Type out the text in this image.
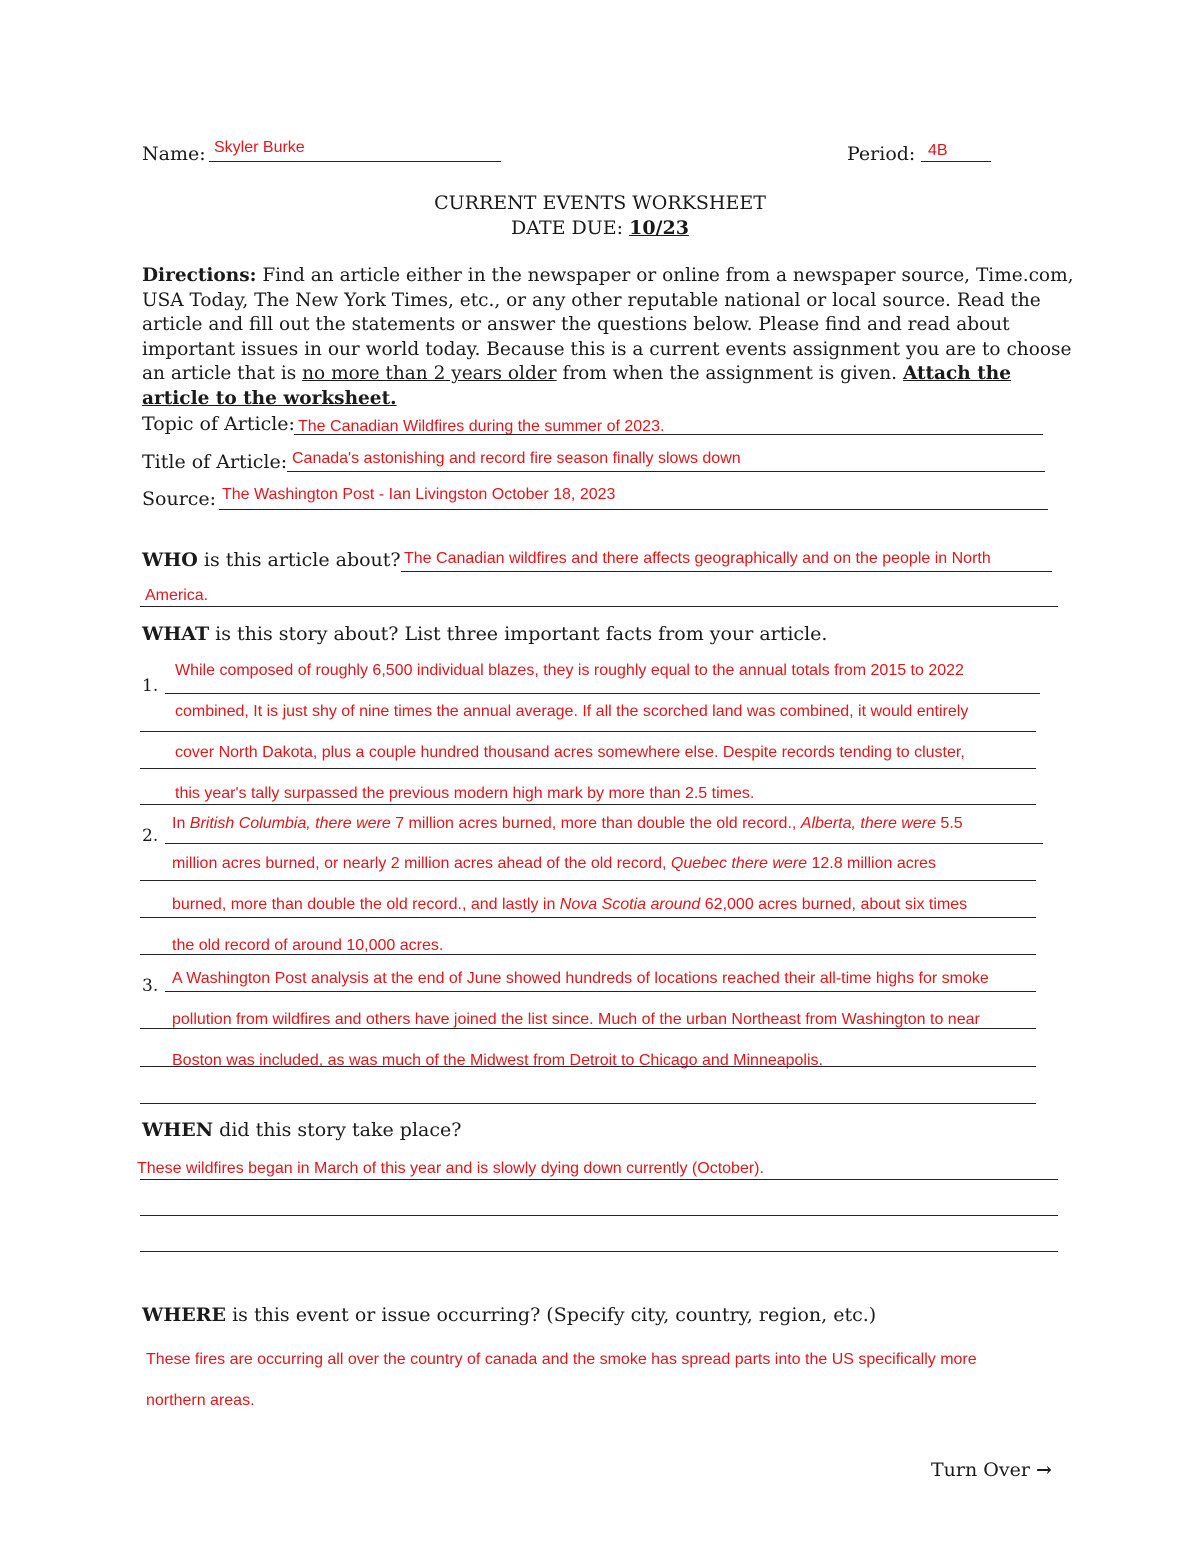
Name: Skyler Burke	Period: 4B
CURRENT EVENTS WORKSHEET
DATE DUE: 10/23

Directions: Find an article either in the newspaper or online from a newspaper source, Time.com, USA Today, The New York Times, etc., or any other reputable national or local source. Read the article and fill out the statements or answer the questions below. Please find and read about important issues in our world today. Because this is a current events assignment you are to choose an article that is no more than 2 years older from when the assignment is given. Attach the article to the worksheet.

Topic of Article: The Canadian Wildfires during the summer of 2023.
Title of Article: Canada's astonishing and record fire season finally slows down
Source: The Washington Post - Ian Livingston October 18, 2023
WHO is this article about? The Canadian wildfires and there affects geographically and on the people in North
America.
WHAT is this story about? List three important facts from your article.
1.
While composed of roughly 6,500 individual blazes, they is roughly equal to the annual totals from 2015 to 2022
combined, It is just shy of nine times the annual average. If all the scorched land was combined, it would entirely
cover North Dakota, plus a couple hundred thousand acres somewhere else. Despite records tending to cluster,
this year's tally surpassed the previous modern high mark by more than 2.5 times.
2.
In British Columbia, there were 7 million acres burned, more than double the old record., Alberta, there were 5.5
million acres burned, or nearly 2 million acres ahead of the old record, Quebec there were 12.8 million acres
burned, more than double the old record., and lastly in Nova Scotia around 62,000 acres burned, about six times
the old record of around 10,000 acres.
3. A Washington Post analysis at the end of June showed hundreds of locations reached their all-time highs for smoke
pollution from wildfires and others have joined the list since. Much of the urban Northeast from Washington to near
Boston was included, as was much of the Midwest from Detroit to Chicago and Minneapolis.
WHEN did this story take place?
These wildfires began in March of this year and is slowly dying down currently (October).
WHERE is this event or issue occurring? (Specify city, country, region, etc.)
These fires are occurring all over the country of canada and the smoke has spread parts into the US specifically more
northern areas.
Turn Over →
